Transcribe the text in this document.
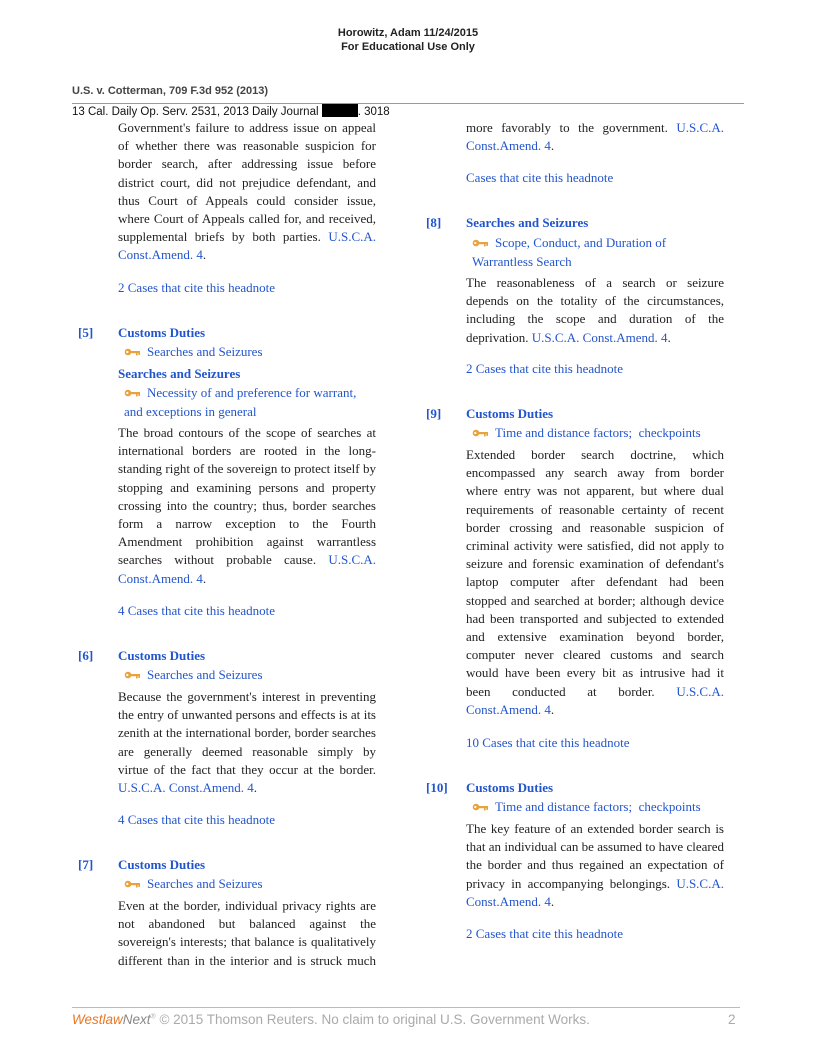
Horowitz, Adam 11/24/2015
For Educational Use Only
U.S. v. Cotterman, 709 F.3d 952 (2013)
13 Cal. Daily Op. Serv. 2531, 2013 Daily Journal	. 3018

Government's failure to address issue on appeal of whether there was reasonable suspicion for border search, after addressing issue before district court, did not prejudice defendant, and thus Court of Appeals could consider issue, where Court of Appeals called for, and received, supplemental briefs by both parties. U.S.C.A. Const.Amend. 4.

2 Cases that cite this headnote
[5] Customs Duties
Searches and Seizures
Searches and Seizures
Necessity of and preference for warrant, and exceptions in general

The broad contours of the scope of searches at international borders are rooted in the long-standing right of the sovereign to protect itself by stopping and examining persons and property crossing into the country; thus, border searches form a narrow exception to the Fourth Amendment prohibition against warrantless searches without probable cause. U.S.C.A. Const.Amend. 4.

4 Cases that cite this headnote
[6] Customs Duties
Searches and Seizures

Because the government's interest in preventing the entry of unwanted persons and effects is at its zenith at the international border, border searches are generally deemed reasonable simply by virtue of the fact that they occur at the border. U.S.C.A. Const.Amend. 4.

4 Cases that cite this headnote
[7] Customs Duties
Searches and Seizures

Even at the border, individual privacy rights are not abandoned but balanced against the sovereign's interests; that balance is qualitatively different than in the interior and is struck much

more favorably to the government. U.S.C.A. Const.Amend. 4.

Cases that cite this headnote
[8] Searches and Seizures
Scope, Conduct, and Duration of Warrantless Search

The reasonableness of a search or seizure depends on the totality of the circumstances, including the scope and duration of the deprivation. U.S.C.A. Const.Amend. 4.

2 Cases that cite this headnote
[9] Customs Duties
Time and distance factors;  checkpoints

Extended border search doctrine, which encompassed any search away from border where entry was not apparent, but where dual requirements of reasonable certainty of recent border crossing and reasonable suspicion of criminal activity were satisfied, did not apply to seizure and forensic examination of defendant's laptop computer after defendant had been stopped and searched at border; although device had been transported and subjected to extended and extensive examination beyond border, computer never cleared customs and search would have been every bit as intrusive had it been conducted at border. U.S.C.A. Const.Amend. 4.

10 Cases that cite this headnote
[10] Customs Duties
Time and distance factors;  checkpoints

The key feature of an extended border search is that an individual can be assumed to have cleared the border and thus regained an expectation of privacy in accompanying belongings. U.S.C.A. Const.Amend. 4.

2 Cases that cite this headnote
WestlawNext® © 2015 Thomson Reuters. No claim to original U.S. Government Works.	2
